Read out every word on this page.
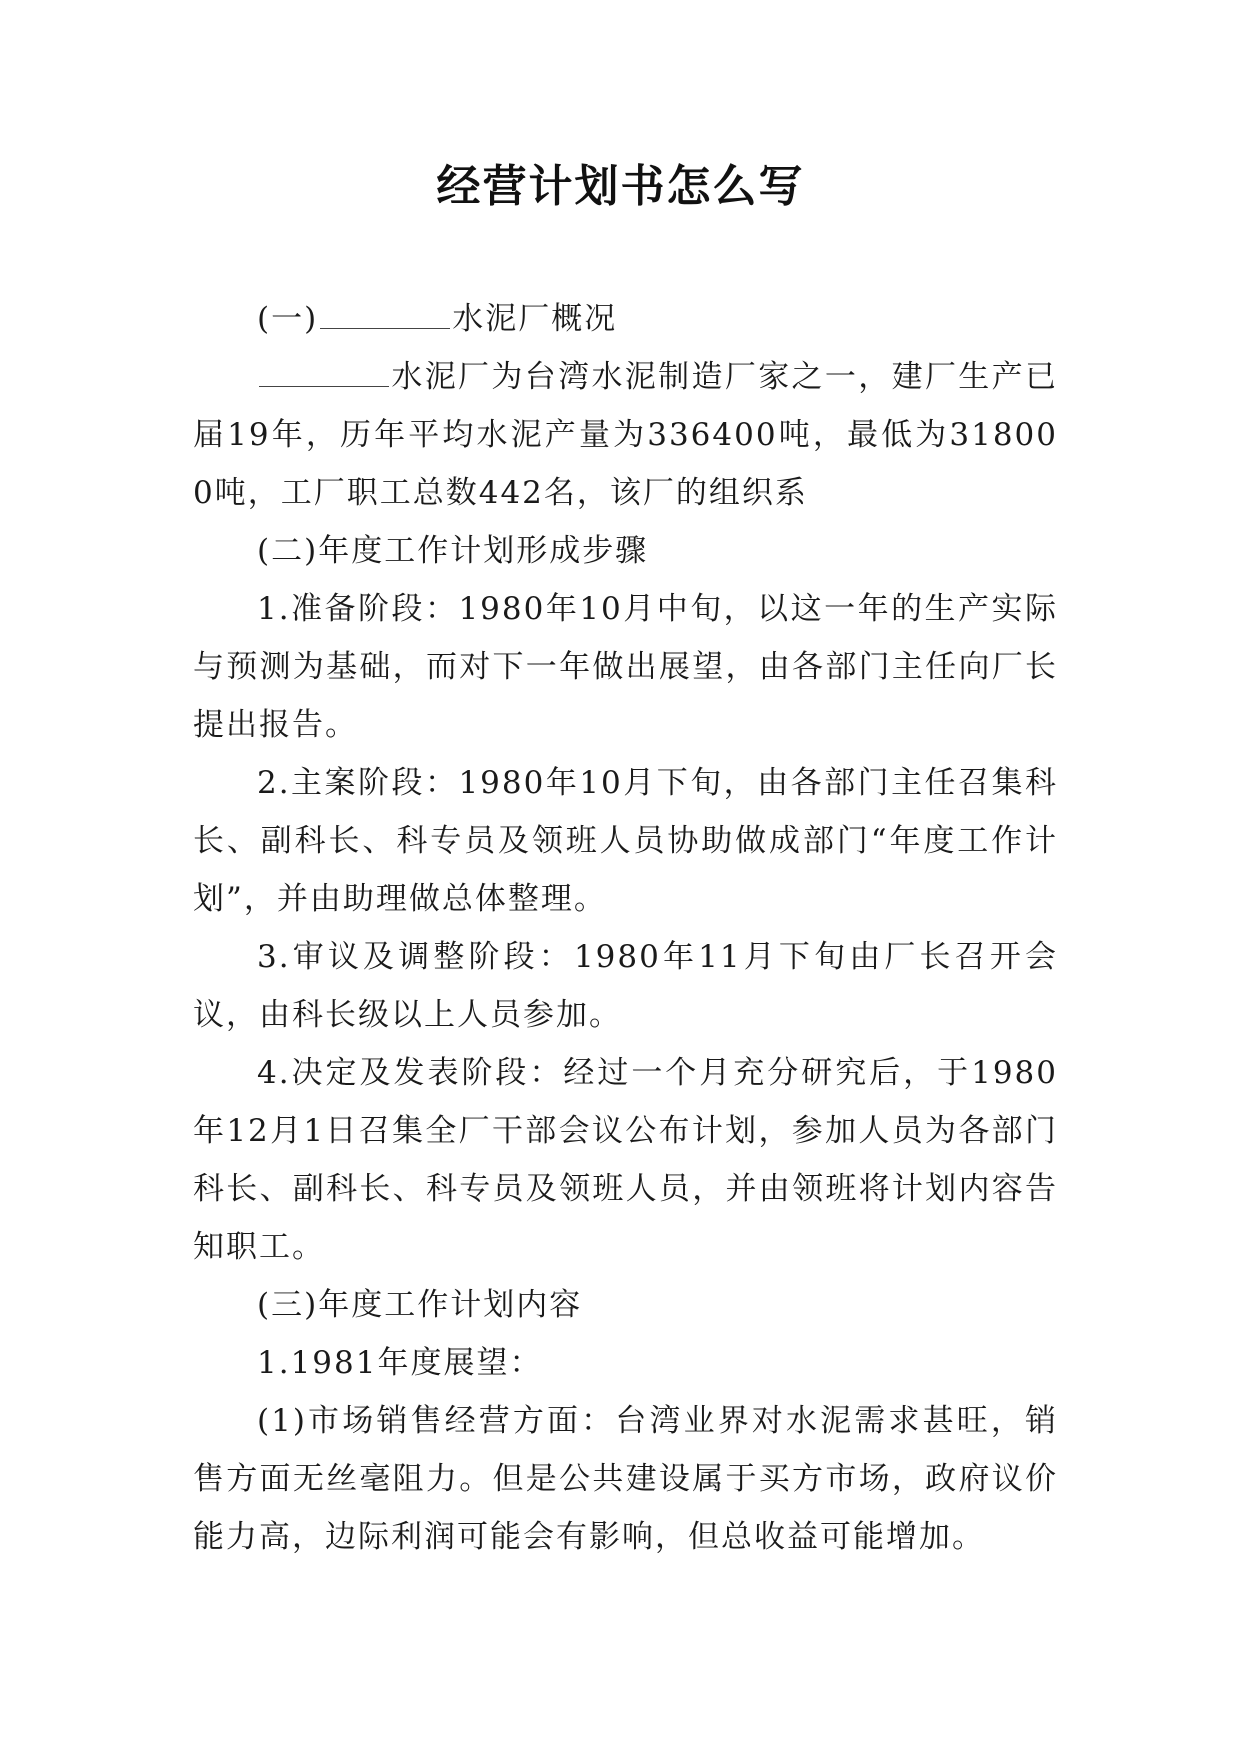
经营计划书怎么写

(一)	水泥厂概况

水泥厂为台湾水泥制造厂家之一，建厂生产已届19年，历年平均水泥产量为336400吨，最低为318000吨，工厂职工总数442名，该厂的组织系

(二)年度工作计划形成步骤

1.准备阶段：1980年10月中旬，以这一年的生产实际与预测为基础，而对下一年做出展望，由各部门主任向厂长提出报告。

2.主案阶段：1980年10月下旬，由各部门主任召集科长、副科长、科专员及领班人员协助做成部门“年度工作计划”，并由助理做总体整理。

3.审议及调整阶段：1980年11月下旬由厂长召开会议，由科长级以上人员参加。

4.决定及发表阶段：经过一个月充分研究后，于1980年12月1日召集全厂干部会议公布计划，参加人员为各部门科长、副科长、科专员及领班人员，并由领班将计划内容告知职工。

(三)年度工作计划内容

1.1981年度展望：

(1)市场销售经营方面：台湾业界对水泥需求甚旺，销售方面无丝毫阻力。但是公共建设属于买方市场，政府议价能力高，边际利润可能会有影响，但总收益可能增加。
